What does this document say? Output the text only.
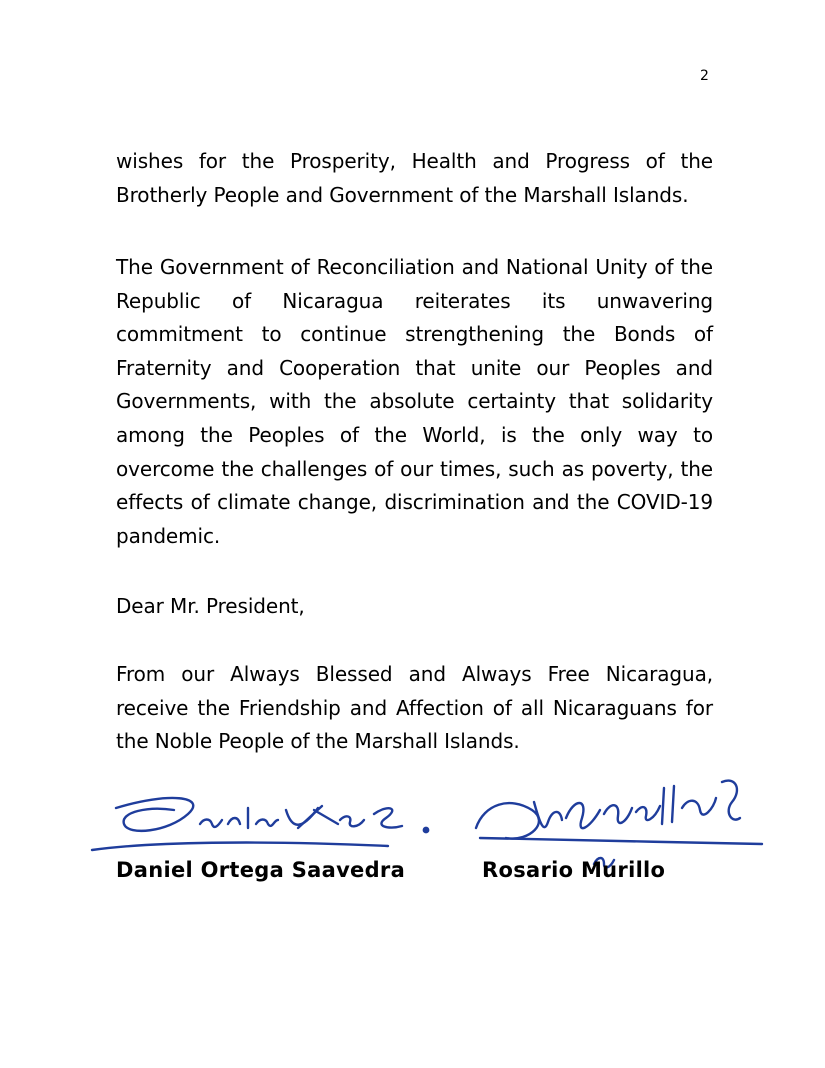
2

wishes for the Prosperity, Health and Progress of the Brotherly People and Government of the Marshall Islands.

The Government of Reconciliation and National Unity of the Republic of Nicaragua reiterates its unwavering commitment to continue strengthening the Bonds of Fraternity and Cooperation that unite our Peoples and Governments, with the absolute certainty that solidarity among the Peoples of the World, is the only way to overcome the challenges of our times, such as poverty, the effects of climate change, discrimination and the COVID-19 pandemic.

Dear Mr. President,

From our Always Blessed and Always Free Nicaragua, receive the Friendship and Affection of all Nicaraguans for the Noble People of the Marshall Islands.

Daniel Ortega Saavedra	Rosario Murillo
